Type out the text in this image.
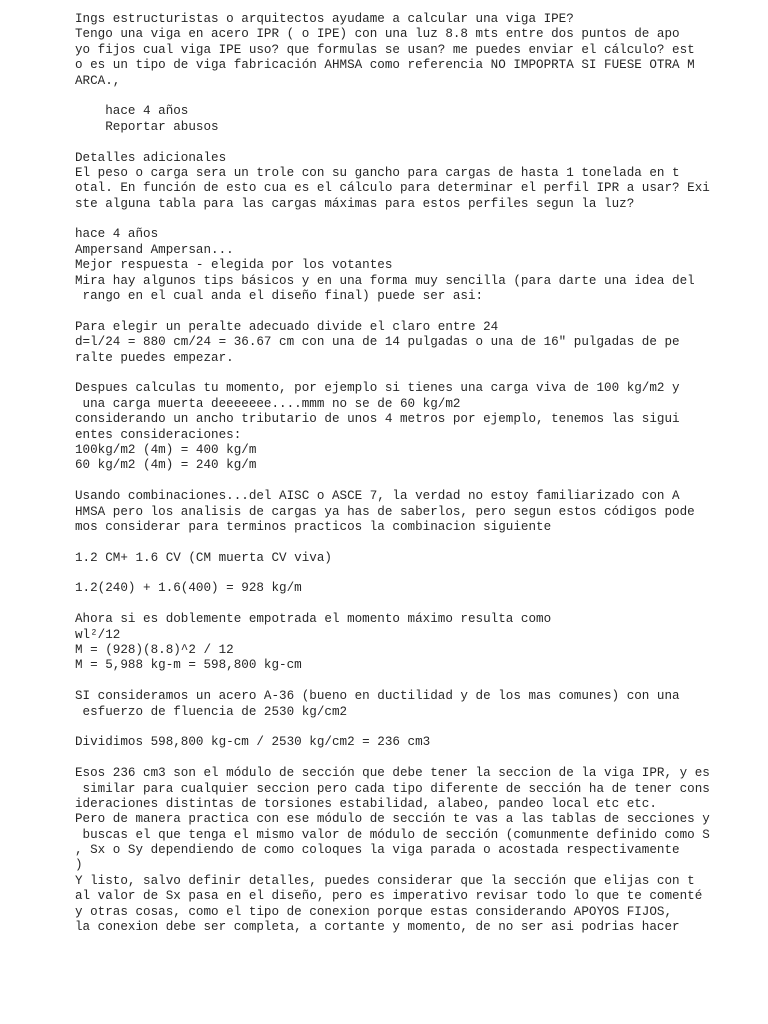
Ings estructuristas o arquitectos ayudame a calcular una viga IPE?
Tengo una viga en acero IPR ( o IPE) con una luz 8.8 mts entre dos puntos de apo
yo fijos cual viga IPE uso? que formulas se usan? me puedes enviar el cálculo? est
o es un tipo de viga fabricación AHMSA como referencia NO IMPOPRTA SI FUESE OTRA M
ARCA.,
hace 4 años
Reportar abusos
Detalles adicionales
El peso o carga sera un trole con su gancho para cargas de hasta 1 tonelada en t
otal. En función de esto cua es el cálculo para determinar el perfil IPR a usar? Exi
ste alguna tabla para las cargas máximas para estos perfiles segun la luz?
hace 4 años
Ampersand Ampersan...
Mejor respuesta - elegida por los votantes
Mira hay algunos tips básicos y en una forma muy sencilla (para darte una idea del
rango en el cual anda el diseño final) puede ser asi:
Para elegir un peralte adecuado divide el claro entre 24
d=l/24 = 880 cm/24 = 36.67 cm con una de 14 pulgadas o una de 16" pulgadas de pe
ralte puedes empezar.
Despues calculas tu momento, por ejemplo si tienes una carga viva de 100 kg/m2 y
una carga muerta deeeeeee....mmm no se de 60 kg/m2
considerando un ancho tributario de unos 4 metros por ejemplo, tenemos las sigui
entes consideraciones:
100kg/m2 (4m) = 400 kg/m
60 kg/m2 (4m) = 240 kg/m
Usando combinaciones...del AISC o ASCE 7, la verdad no estoy familiarizado con A
HMSA pero los analisis de cargas ya has de saberlos, pero segun estos códigos pode
mos considerar para terminos practicos la combinacion siguiente
1.2 CM+ 1.6 CV (CM muerta CV viva)
1.2(240) + 1.6(400) = 928 kg/m
Ahora si es doblemente empotrada el momento máximo resulta como
wl²/12
M = (928)(8.8)^2 / 12
M = 5,988 kg-m = 598,800 kg-cm
SI consideramos un acero A-36 (bueno en ductilidad y de los mas comunes) con una
esfuerzo de fluencia de 2530 kg/cm2
Dividimos 598,800 kg-cm / 2530 kg/cm2 = 236 cm3
Esos 236 cm3 son el módulo de sección que debe tener la seccion de la viga IPR, y es
similar para cualquier seccion pero cada tipo diferente de sección ha de tener cons
ideraciones distintas de torsiones estabilidad, alabeo, pandeo local etc etc.
Pero de manera practica con ese módulo de sección te vas a las tablas de secciones y
buscas el que tenga el mismo valor de módulo de sección (comunmente definido como S
, Sx o Sy dependiendo de como coloques la viga parada o acostada respectivamente
)
Y listo, salvo definir detalles, puedes considerar que la sección que elijas con t
al valor de Sx pasa en el diseño, pero es imperativo revisar todo lo que te comenté
y otras cosas, como el tipo de conexion porque estas considerando APOYOS FIJOS,
la conexion debe ser completa, a cortante y momento, de no ser asi podrias hacer
